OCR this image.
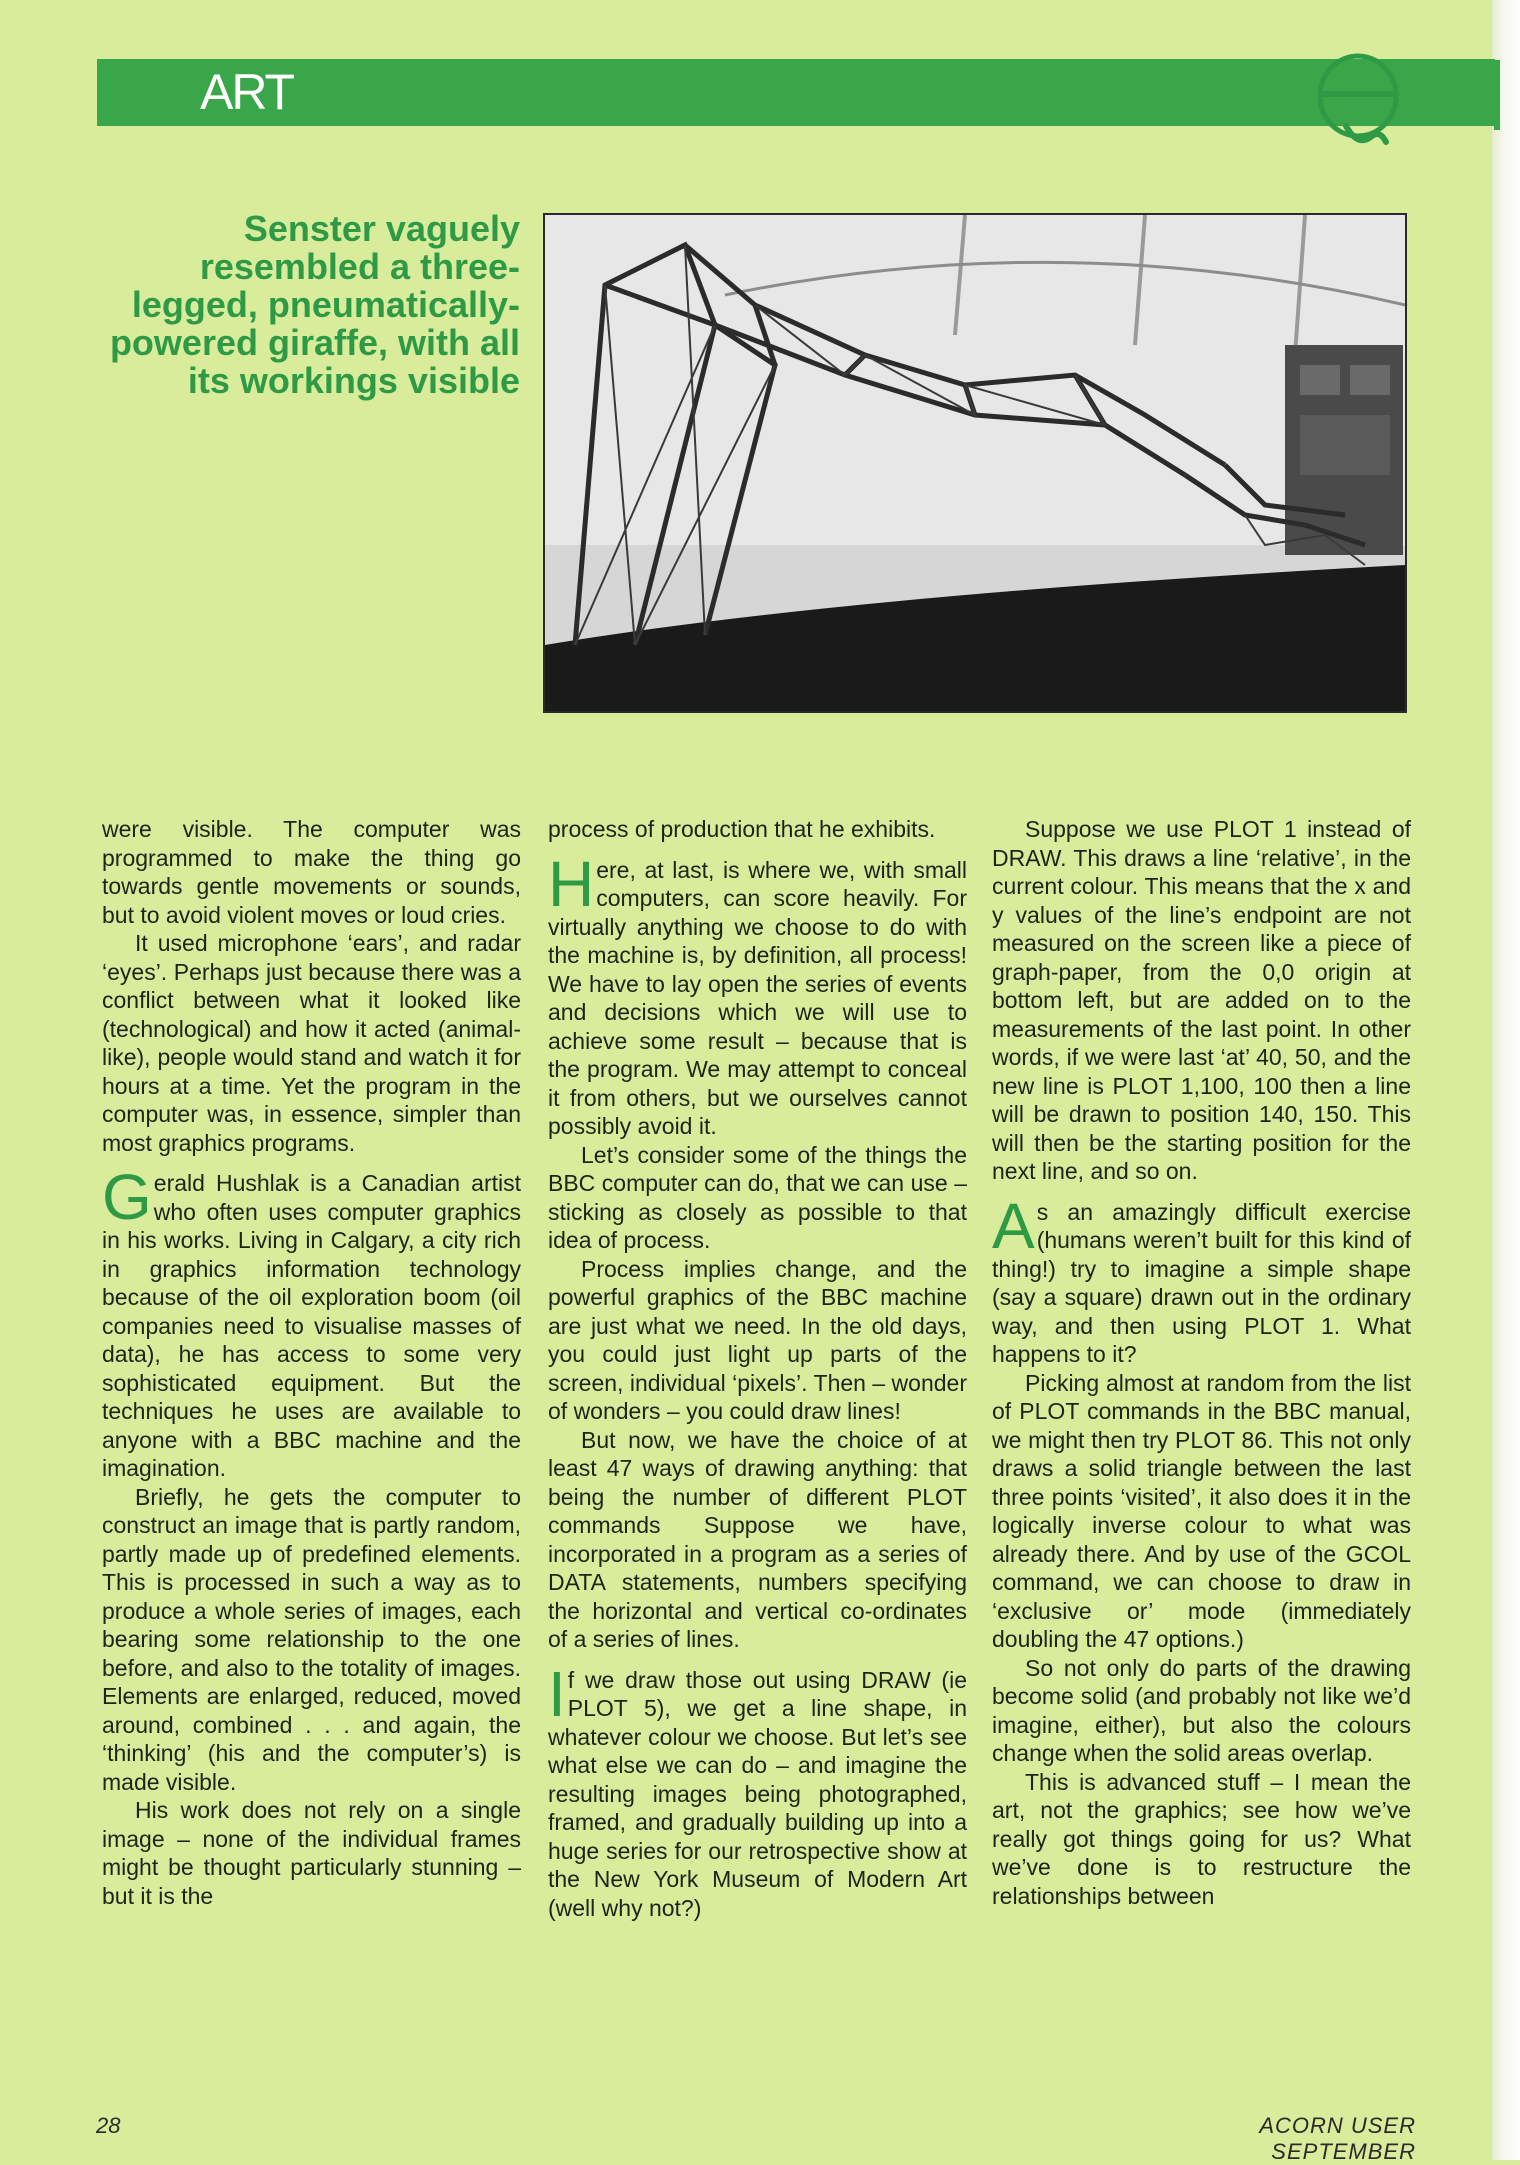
ART
Senster vaguely resembled a three-legged, pneumatically-powered giraffe, with all its workings visible

were visible. The computer was programmed to make the thing go towards gentle movements or sounds, but to avoid violent moves or loud cries.

It used microphone ‘ears’, and radar ‘eyes’. Perhaps just because there was a conflict between what it looked like (technological) and how it acted (animal-like), people would stand and watch it for hours at a time. Yet the program in the computer was, in essence, simpler than most graphics programs.

Gerald Hushlak is a Canadian artist who often uses computer graphics in his works. Living in Calgary, a city rich in graphics information technology because of the oil exploration boom (oil companies need to visualise masses of data), he has access to some very sophisticated equipment. But the techniques he uses are available to anyone with a BBC machine and the imagination.

Briefly, he gets the computer to construct an image that is partly random, partly made up of predefined elements. This is processed in such a way as to produce a whole series of images, each bearing some relationship to the one before, and also to the totality of images. Elements are enlarged, reduced, moved around, combined . . . and again, the ‘thinking’ (his and the computer’s) is made visible.

His work does not rely on a single image – none of the individual frames might be thought particularly stunning – but it is the

process of production that he exhibits.

Here, at last, is where we, with small computers, can score heavily. For virtually anything we choose to do with the machine is, by definition, all process! We have to lay open the series of events and decisions which we will use to achieve some result – because that is the program. We may attempt to conceal it from others, but we ourselves cannot possibly avoid it.

Let’s consider some of the things the BBC computer can do, that we can use – sticking as closely as possible to that idea of process.

Process implies change, and the powerful graphics of the BBC machine are just what we need. In the old days, you could just light up parts of the screen, individual ‘pixels’. Then – wonder of wonders – you could draw lines!

But now, we have the choice of at least 47 ways of drawing anything: that being the number of different PLOT commands Suppose we have, incorporated in a program as a series of DATA statements, numbers specifying the horizontal and vertical co-ordinates of a series of lines.

If we draw those out using DRAW (ie PLOT 5), we get a line shape, in whatever colour we choose. But let’s see what else we can do – and imagine the resulting images being photographed, framed, and gradually building up into a huge series for our retrospective show at the New York Museum of Modern Art (well why not?)

Suppose we use PLOT 1 instead of DRAW. This draws a line ‘relative’, in the current colour. This means that the x and y values of the line’s endpoint are not measured on the screen like a piece of graph-paper, from the 0,0 origin at bottom left, but are added on to the measurements of the last point. In other words, if we were last ‘at’ 40, 50, and the new line is PLOT 1,100, 100 then a line will be drawn to position 140, 150. This will then be the starting position for the next line, and so on.

As an amazingly difficult exercise (humans weren’t built for this kind of thing!) try to imagine a simple shape (say a square) drawn out in the ordinary way, and then using PLOT 1. What happens to it?

Picking almost at random from the list of PLOT commands in the BBC manual, we might then try PLOT 86. This not only draws a solid triangle between the last three points ‘visited’, it also does it in the logically inverse colour to what was already there. And by use of the GCOL command, we can choose to draw in ‘exclusive or’ mode (immediately doubling the 47 options.)

So not only do parts of the drawing become solid (and probably not like we’d imagine, either), but also the colours change when the solid areas overlap.

This is advanced stuff – I mean the art, not the graphics; see how we’ve really got things going for us? What we’ve done is to restructure the relationships between

28	ACORN USER SEPTEMBER
